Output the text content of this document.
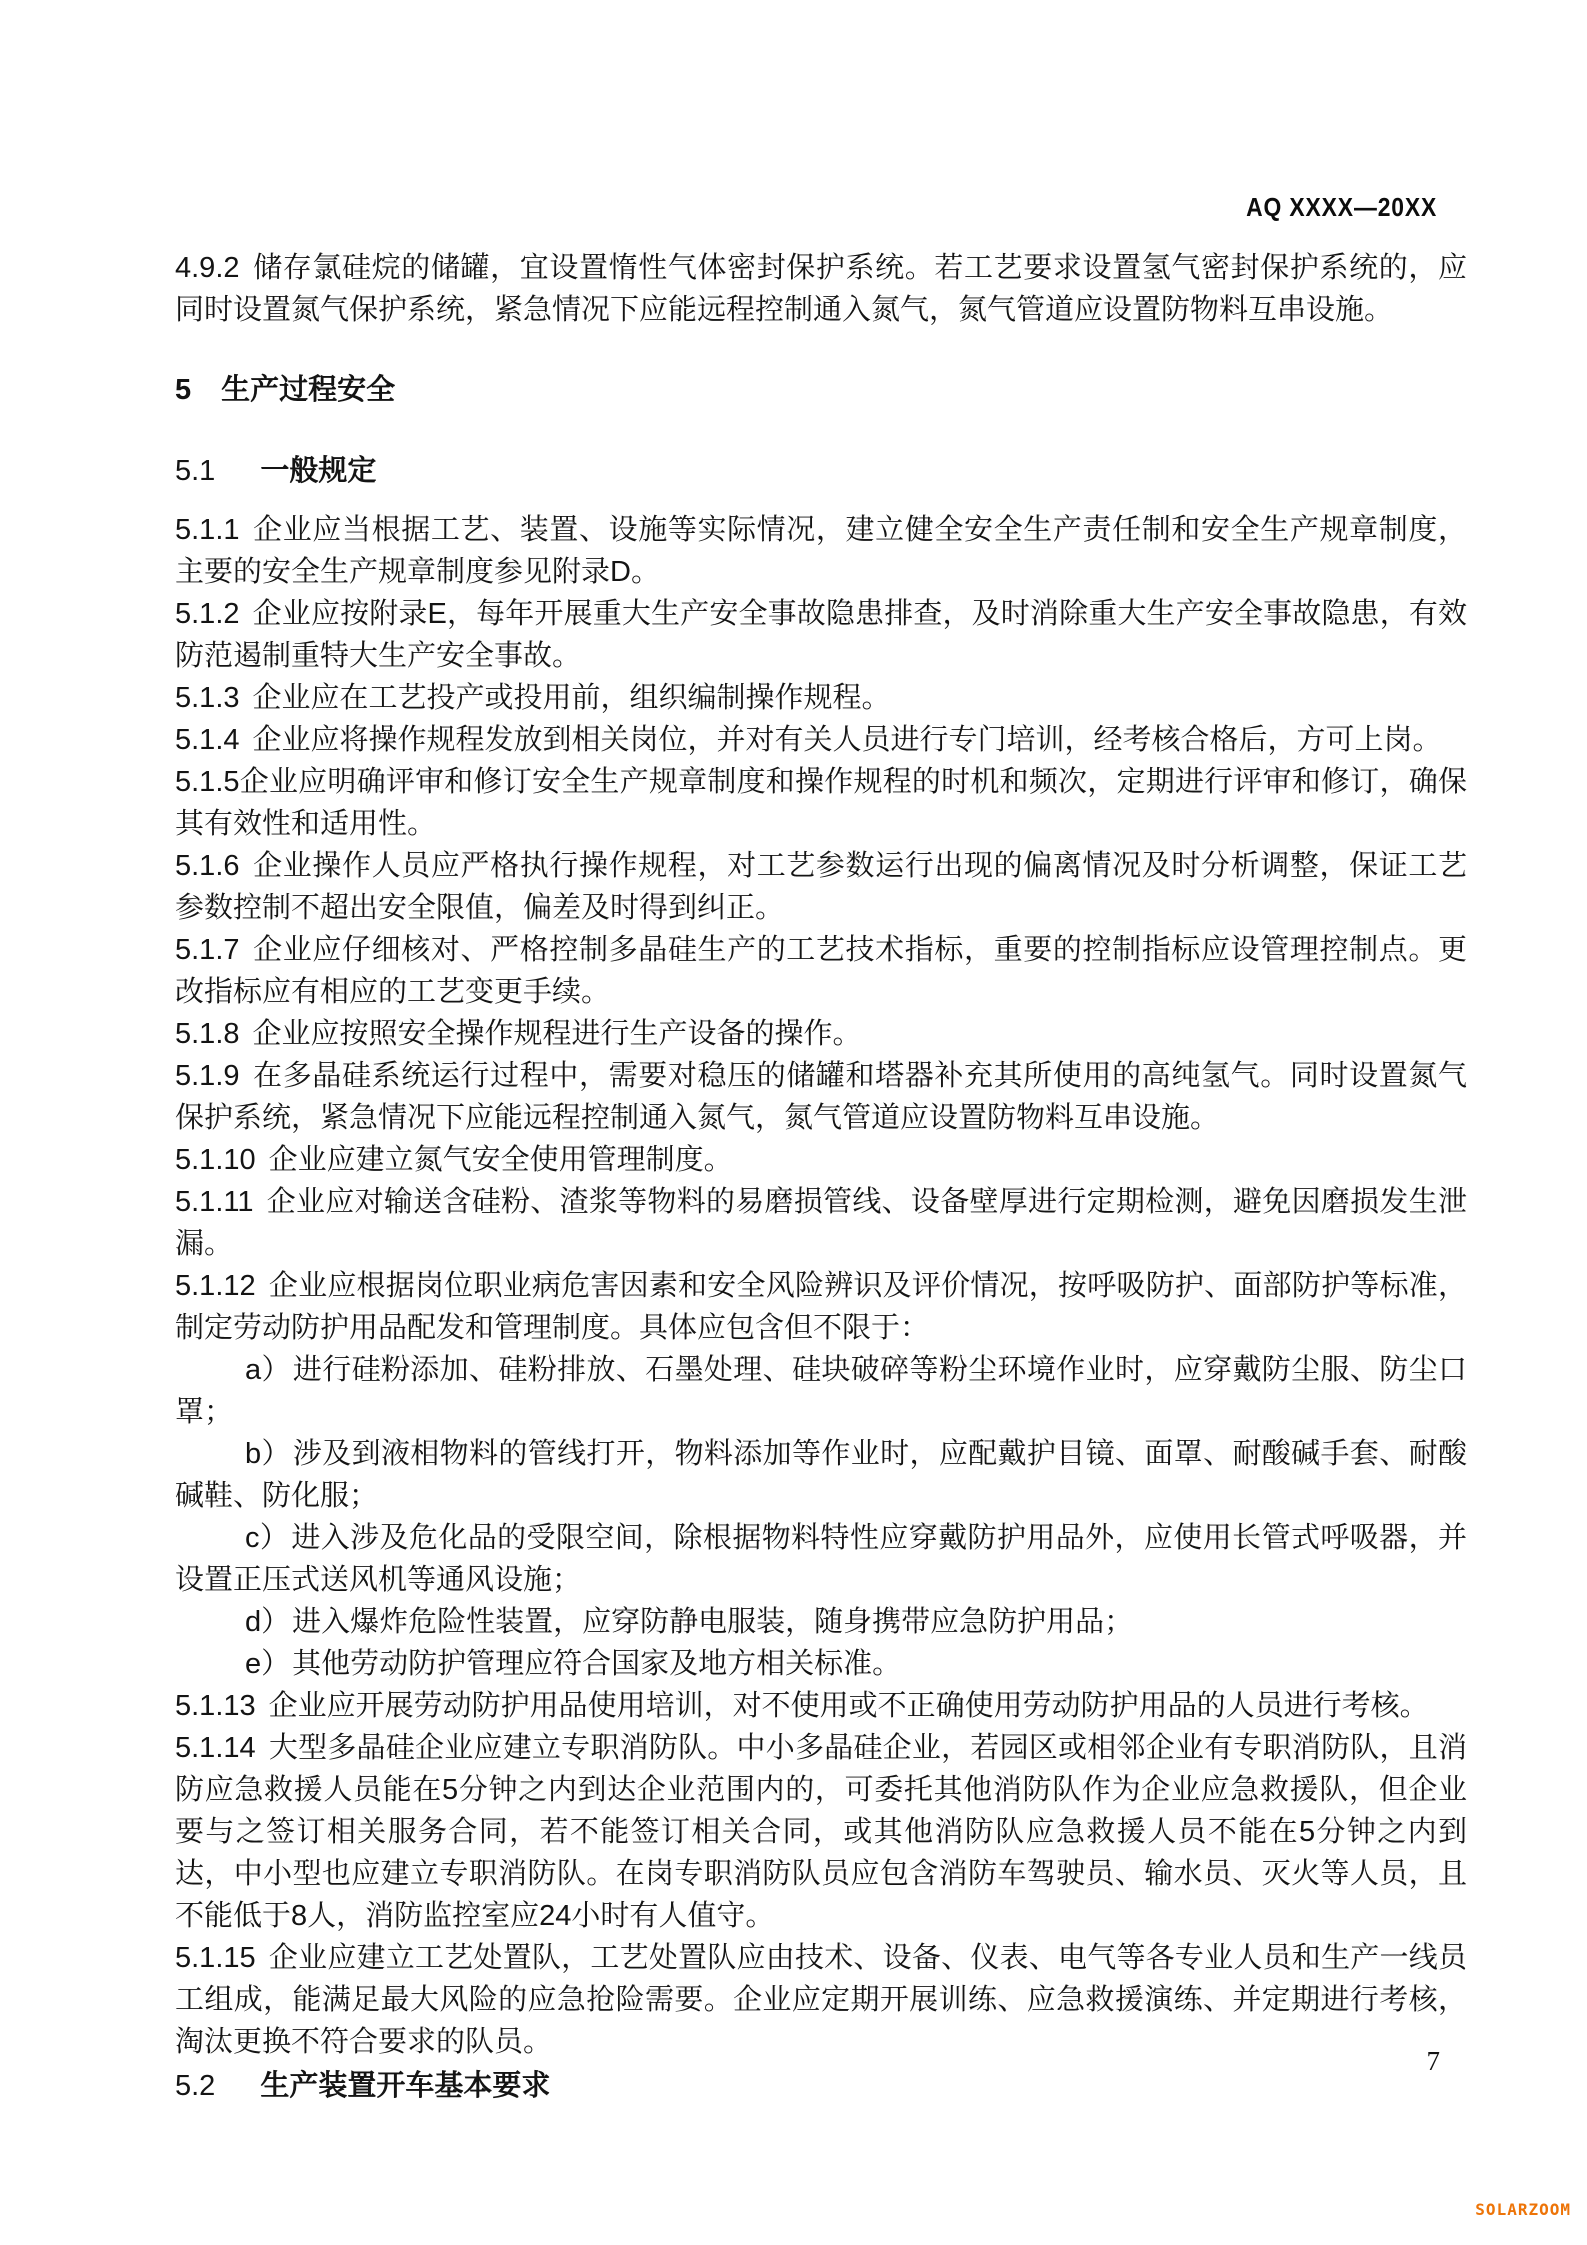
AQ XXXX—20XX

4.9.2 储存氯硅烷的储罐，宜设置惰性气体密封保护系统。若工艺要求设置氢气密封保护系统的，应同时设置氮气保护系统，紧急情况下应能远程控制通入氮气，氮气管道应设置防物料互串设施。

5 生产过程安全
5.1 一般规定

5.1.1 企业应当根据工艺、装置、设施等实际情况，建立健全安全生产责任制和安全生产规章制度，主要的安全生产规章制度参见附录D。

5.1.2 企业应按附录E，每年开展重大生产安全事故隐患排查，及时消除重大生产安全事故隐患，有效防范遏制重特大生产安全事故。

5.1.3 企业应在工艺投产或投用前，组织编制操作规程。

5.1.4 企业应将操作规程发放到相关岗位，并对有关人员进行专门培训，经考核合格后，方可上岗。

5.1.5企业应明确评审和修订安全生产规章制度和操作规程的时机和频次，定期进行评审和修订，确保其有效性和适用性。

5.1.6 企业操作人员应严格执行操作规程，对工艺参数运行出现的偏离情况及时分析调整，保证工艺参数控制不超出安全限值，偏差及时得到纠正。

5.1.7 企业应仔细核对、严格控制多晶硅生产的工艺技术指标，重要的控制指标应设管理控制点。更改指标应有相应的工艺变更手续。

5.1.8 企业应按照安全操作规程进行生产设备的操作。

5.1.9 在多晶硅系统运行过程中，需要对稳压的储罐和塔器补充其所使用的高纯氢气。同时设置氮气保护系统，紧急情况下应能远程控制通入氮气，氮气管道应设置防物料互串设施。

5.1.10 企业应建立氮气安全使用管理制度。

5.1.11 企业应对输送含硅粉、渣浆等物料的易磨损管线、设备壁厚进行定期检测，避免因磨损发生泄漏。

5.1.12 企业应根据岗位职业病危害因素和安全风险辨识及评价情况，按呼吸防护、面部防护等标准，制定劳动防护用品配发和管理制度。具体应包含但不限于：

a）进行硅粉添加、硅粉排放、石墨处理、硅块破碎等粉尘环境作业时，应穿戴防尘服、防尘口罩；
b）涉及到液相物料的管线打开，物料添加等作业时，应配戴护目镜、面罩、耐酸碱手套、耐酸碱鞋、防化服；
c）进入涉及危化品的受限空间，除根据物料特性应穿戴防护用品外，应使用长管式呼吸器，并设置正压式送风机等通风设施；
d）进入爆炸危险性装置，应穿防静电服装，随身携带应急防护用品；
e）其他劳动防护管理应符合国家及地方相关标准。

5.1.13 企业应开展劳动防护用品使用培训，对不使用或不正确使用劳动防护用品的人员进行考核。

5.1.14 大型多晶硅企业应建立专职消防队。中小多晶硅企业，若园区或相邻企业有专职消防队，且消防应急救援人员能在5分钟之内到达企业范围内的，可委托其他消防队作为企业应急救援队，但企业要与之签订相关服务合同，若不能签订相关合同，或其他消防队应急救援人员不能在5分钟之内到达，中小型也应建立专职消防队。在岗专职消防队员应包含消防车驾驶员、输水员、灭火等人员，且不能低于8人，消防监控室应24小时有人值守。

5.1.15 企业应建立工艺处置队，工艺处置队应由技术、设备、仪表、电气等各专业人员和生产一线员工组成，能满足最大风险的应急抢险需要。企业应定期开展训练、应急救援演练、并定期进行考核，淘汰更换不符合要求的队员。

5.2 生产装置开车基本要求
7
SOLARZOOM
